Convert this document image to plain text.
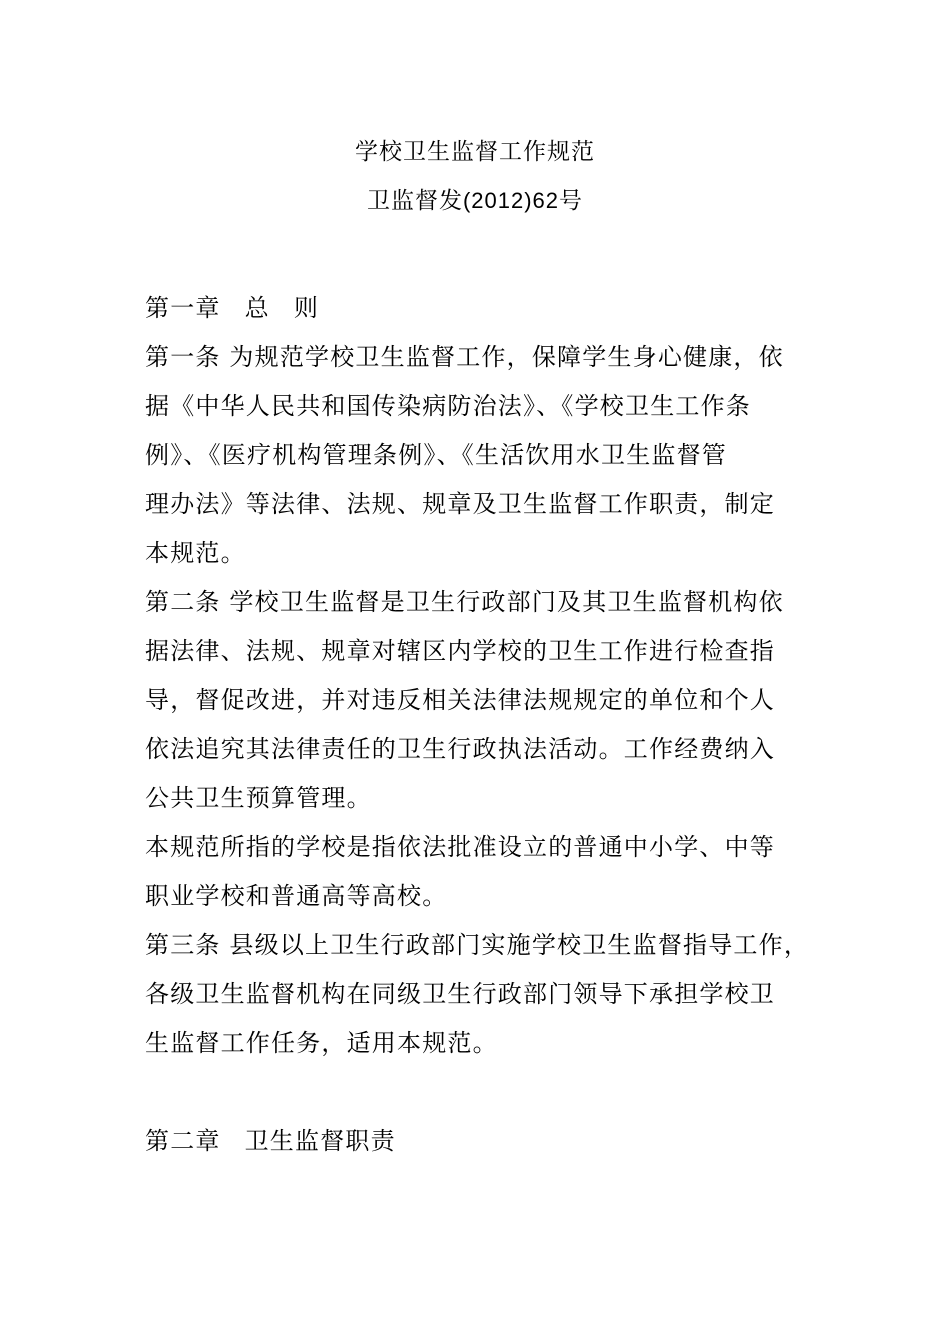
学校卫生监督工作规范
卫监督发(2012)62号

第一章 总 则

第一条 为规范学校卫生监督工作，保障学生身心健康，依

据《中华人民共和国传染病防治法》、《学校卫生工作条

例》、《医疗机构管理条例》、《生活饮用水卫生监督管

理办法》等法律、法规、规章及卫生监督工作职责，制定

本规范。

第二条 学校卫生监督是卫生行政部门及其卫生监督机构依

据法律、法规、规章对辖区内学校的卫生工作进行检查指

导，督促改进，并对违反相关法律法规规定的单位和个人

依法追究其法律责任的卫生行政执法活动。工作经费纳入

公共卫生预算管理。

本规范所指的学校是指依法批准设立的普通中小学、中等

职业学校和普通高等高校。

第三条 县级以上卫生行政部门实施学校卫生监督指导工作，

各级卫生监督机构在同级卫生行政部门领导下承担学校卫

生监督工作任务，适用本规范。

第二章 卫生监督职责
